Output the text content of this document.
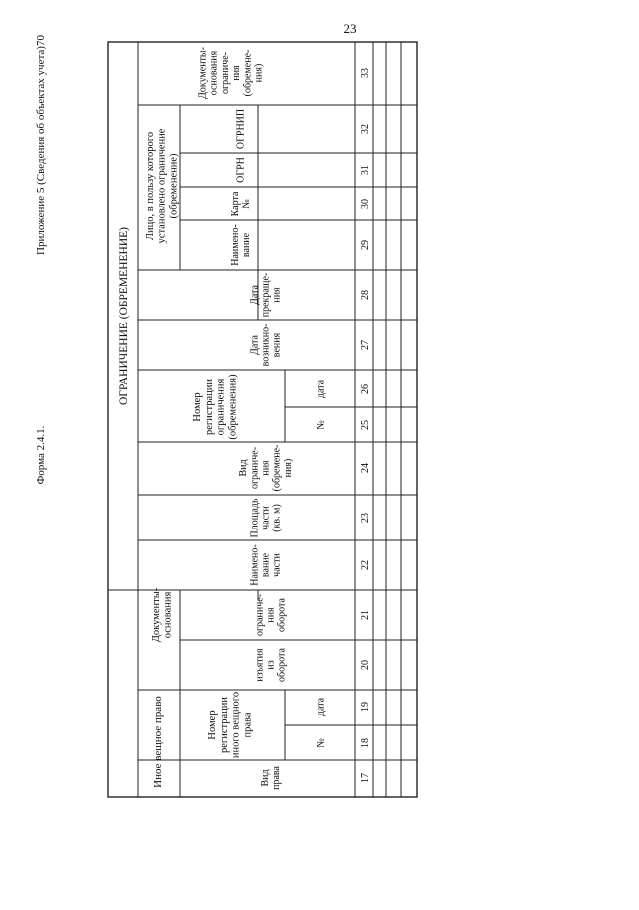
23
Приложение 5 (Сведения об объектах учета)70
Форма 2.4.1.
ОГРАНИЧЕНИЕ (ОБРЕМЕНЕНИЕ)
Иное вещное право
Документы-основания
Лицо, в пользу которогоустановлено ограничение(обременение)
Номеррегистрациииного вещногоправа
Номеррегистрацииограничения(обременения)
Видправа
№
дата
изъятияизоборота
ограниче-нияоборота
Наимено-ваниечасти
Площадьчасти(кв. м)
Видограниче-ния(обремене-ния)
№
дата
Датавозникно-вения
Датапрекраще-ния
Наимено-вание
Карта№
ОГРН
ОГРНИП
Документы-основанияограниче-ния(обремене-ния)
17
18
19
20
21
22
23
24
25
26
27
28
29
30
31
32
33
